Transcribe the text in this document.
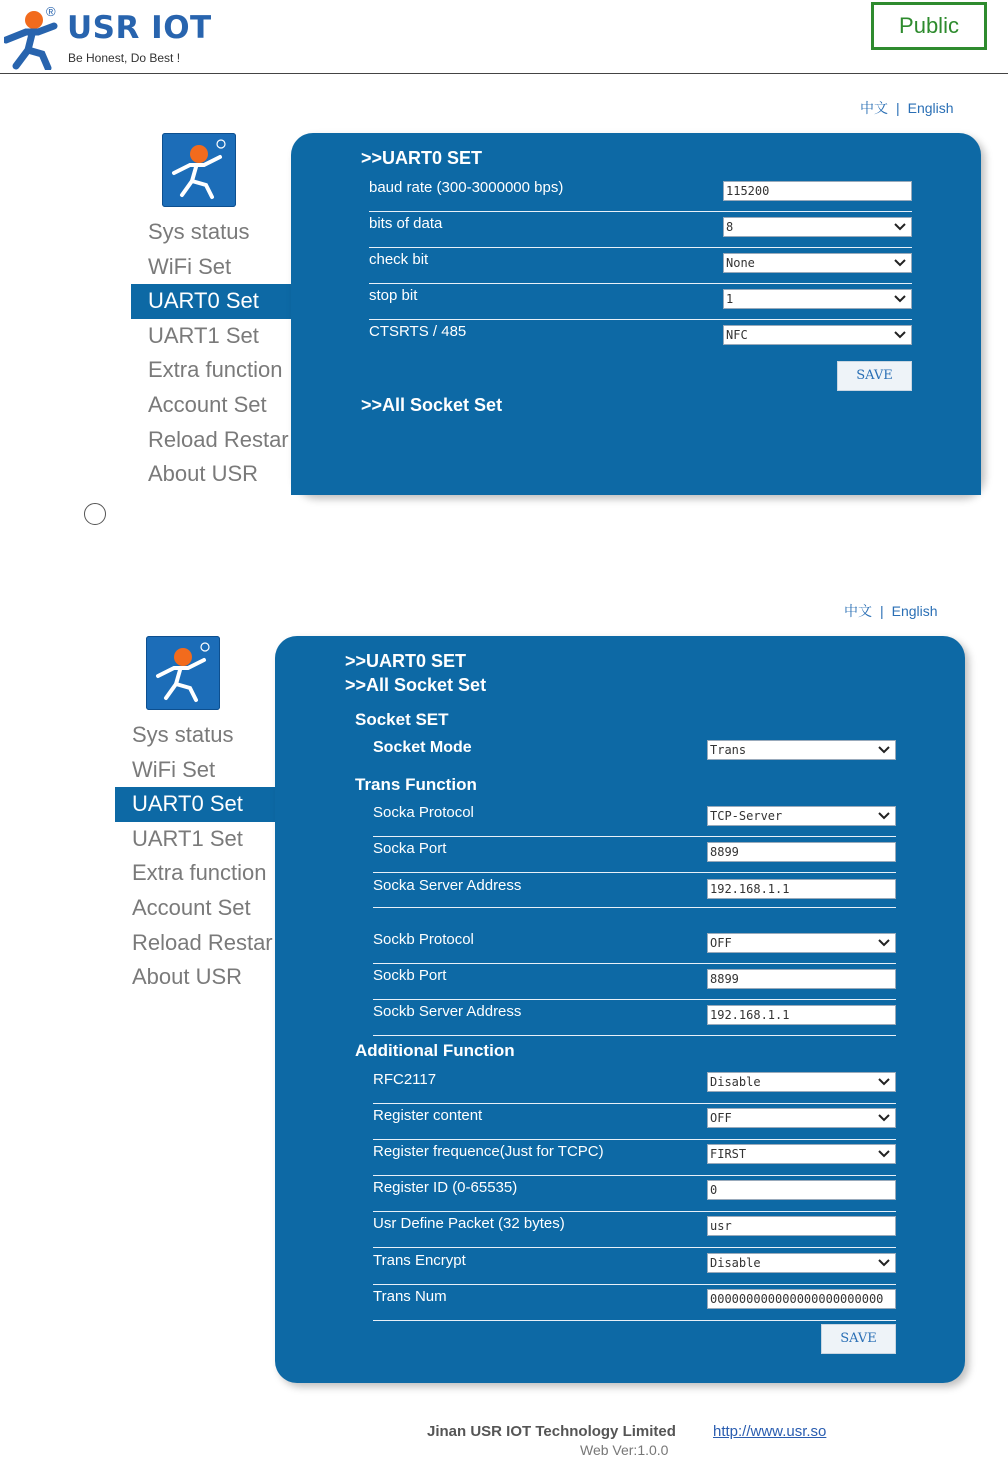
® USR IOT
Be Honest, Do Best !
Public
中文 | English
Sys status
WiFi Set
UART0 Set
UART1 Set
Extra function
Account Set
Reload Restar
About USR
>>UART0 SET
baud rate (300-3000000 bps)	115200
bits of data	8
check bit	None
stop bit	1
CTSRTS / 485	NFC
SAVE
>>All Socket Set
中文 | English
Sys status
WiFi Set
UART0 Set
UART1 Set
Extra function
Account Set
Reload Restar
About USR
>>UART0 SET
>>All Socket Set
Socket SET
Socket Mode	Trans
Trans Function
Socka Protocol	TCP-Server
Socka Port	8899
Socka Server Address	192.168.1.1
Sockb Protocol	OFF
Sockb Port	8899
Sockb Server Address	192.168.1.1
Additional Function
RFC2117	Disable
Register content	OFF
Register frequence(Just for TCPC)	FIRST
Register ID (0-65535)	0
Usr Define Packet (32 bytes)	usr
Trans Encrypt	Disable
Trans Num	000000000000000000000000
SAVE
Jinan USR IOT Technology Limited http://www.usr.so
Web Ver:1.0.0
